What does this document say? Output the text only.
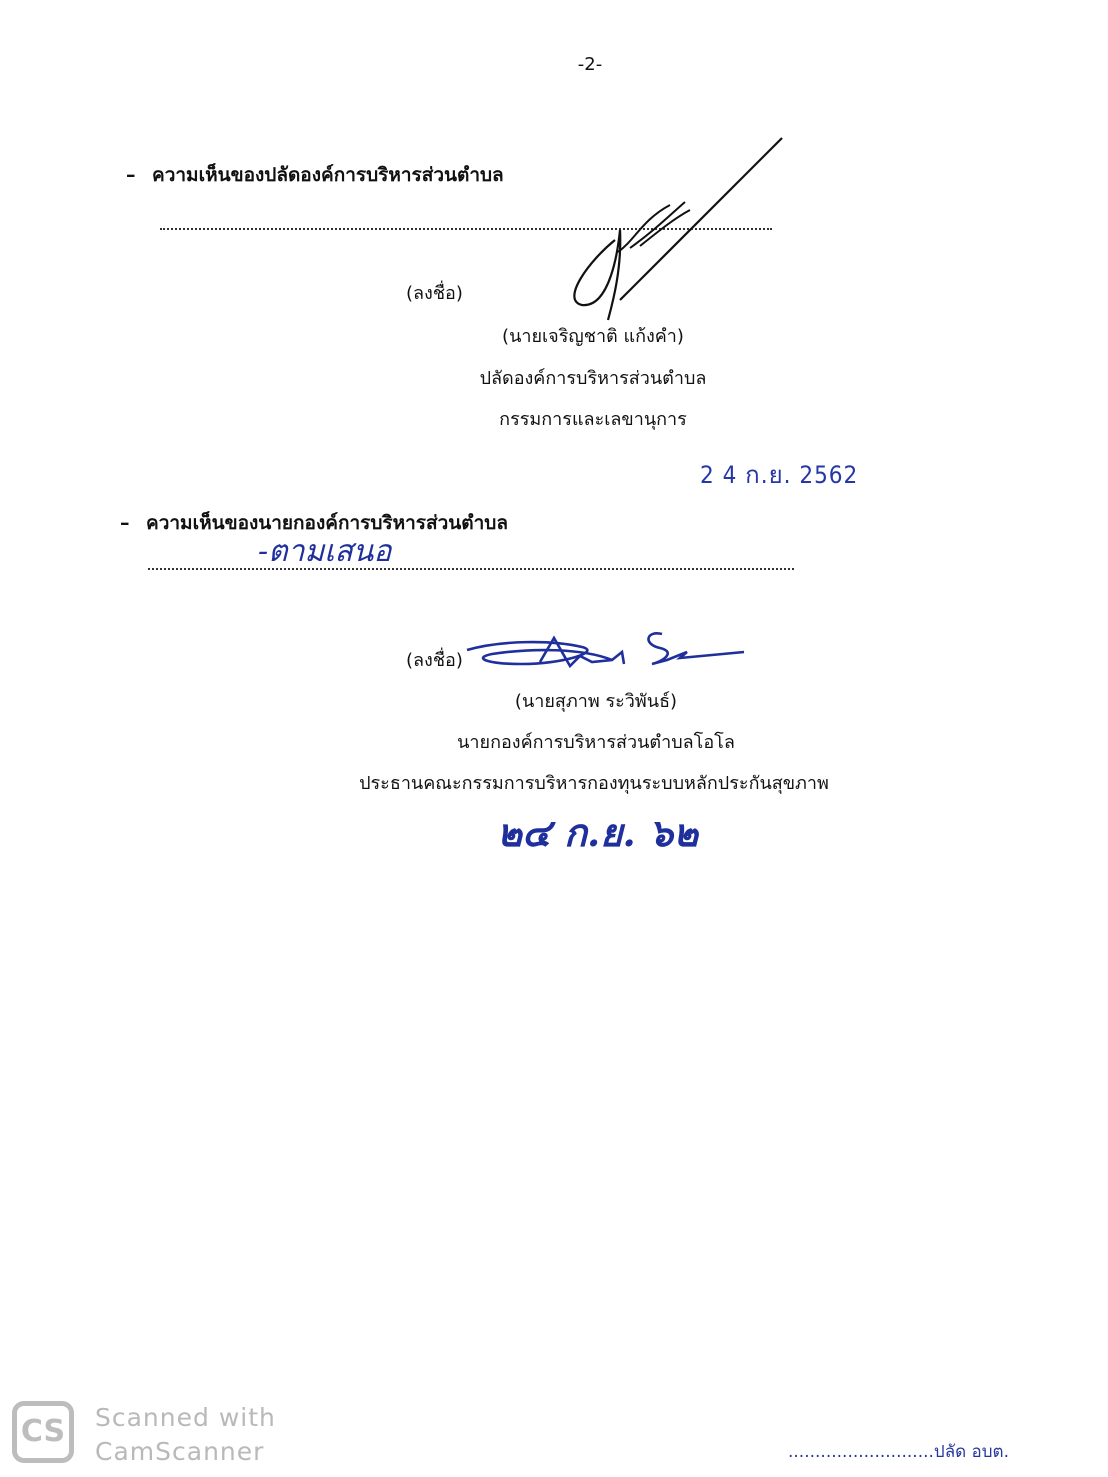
-2-
– ความเห็นของปลัดองค์การบริหารส่วนตำบล
(ลงชื่อ)
(นายเจริญชาติ แก้งคำ)
ปลัดองค์การบริหารส่วนตำบล
กรรมการและเลขานุการ
2 4 ก.ย. 2562
– ความเห็นของนายกองค์การบริหารส่วนตำบล
-ตามเสนอ
(ลงชื่อ)
(นายสุภาพ ระวิพันธ์)
นายกองค์การบริหารส่วนตำบลโอโล
ประธานคณะกรรมการบริหารกองทุนระบบหลักประกันสุขภาพ
๒๔ ก.ย. ๖๒
CS	Scanned with
CamScanner	...........................ปลัด อบต.
